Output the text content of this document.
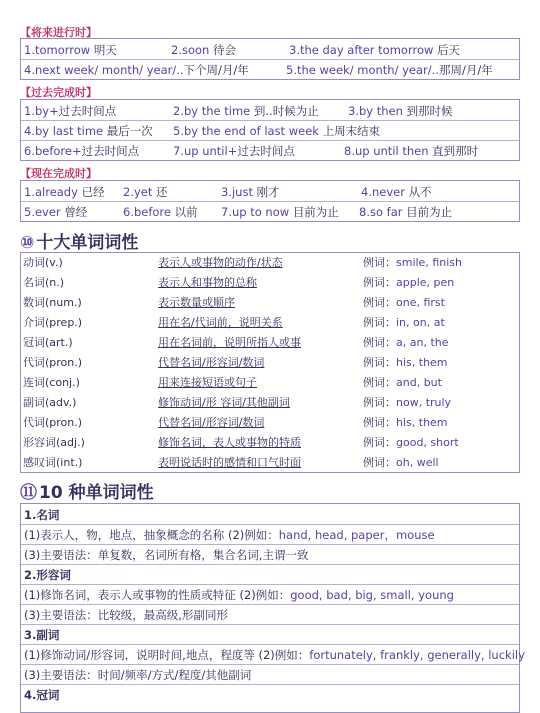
【将来进行时】
1.tomorrow 明天	2.soon 待会	3.the day after tomorrow 后天
4.next week/ month/ year/..下个周/月/年	5.the week/ month/ year/..那周/月/年
【过去完成时】
1.by+过去时间点	2.by the time 到..时候为止	3.by then 到那时候
4.by last time 最后一次 5.by the end of last week 上周末结束
6.before+过去时间点	7.up until+过去时间点	8.up until then 直到那时
【现在完成时】
1.already 已经 2.yet 还	3.just 刚才	4.never 从不
5.ever 曾经	6.before 以前 7.up to now 目前为止 8.so far 目前为止
⑩ 十大单词词性
动词(v.)	表示人或事物的动作/状态	例词：smile, finish
名词(n.)	表示人和事物的总称	例词：apple, pen
数词(num.)	表示数量或顺序	例词：one, first
介词(prep.)	用在名/代词前，说明关系	例词：in, on, at
冠词(art.)	用在名词前，说明所指人或事	例词：a, an, the
代词(pron.)	代替名词/形容词/数词	例词：his, them
连词(conj.)	用来连接短语或句子	例词：and, but
副词(adv.)	修饰动词/形 容词/其他副词	例词：now, truly
代词(pron.)	代替名词/形容词/数词	例词：his, them
形容词(adj.)	修饰名词，表人或事物的特质	例词：good, short
感叹词(int.)	表明说话时的感情和口气时面	例词：oh, well
⑪ 10 种单词词性
1.名词
(1)表示人，物，地点，抽象概念的名称 (2)例如：hand, head, paper，mouse
(3)主要语法：单复数，名词所有格，集合名词,主谓一致
2.形容词
(1)修饰名词，表示人或事物的性质或特征 (2)例如：good, bad, big, small, young
(3)主要语法：比较级，最高级,形副同形
3.副词
(1)修饰动词/形容词，说明时间,地点，程度等 (2)例如：fortunately, frankly, generally, luckily
(3)主要语法：时间/频率/方式/程度/其他副词
4.冠词
